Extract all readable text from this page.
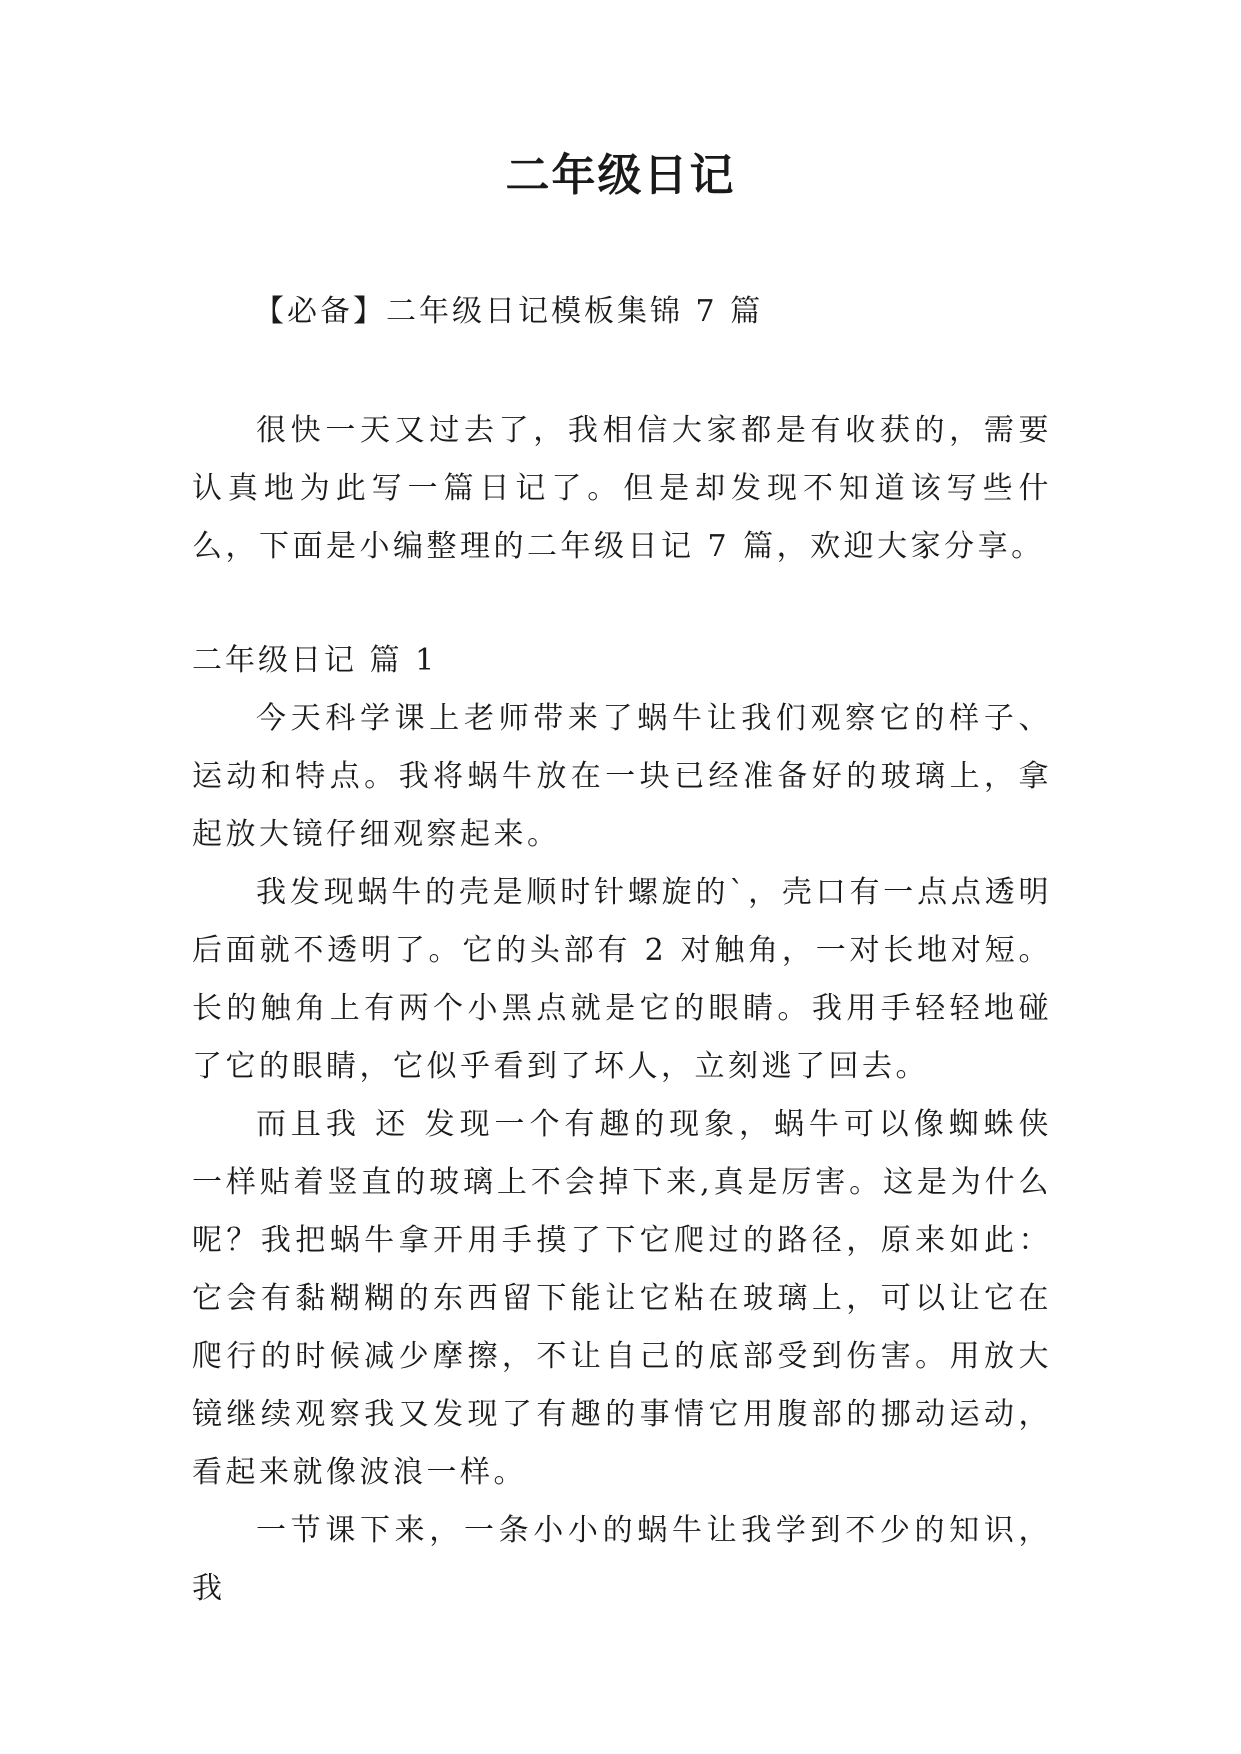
二年级日记

【必备】二年级日记模板集锦 7 篇

很快一天又过去了，我相信大家都是有收获的，需要认真地为此写一篇日记了。但是却发现不知道该写些什么，下面是小编整理的二年级日记 7 篇，欢迎大家分享。

二年级日记 篇 1

今天科学课上老师带来了蜗牛让我们观察它的样子、运动和特点。我将蜗牛放在一块已经准备好的玻璃上，拿起放大镜仔细观察起来。

我发现蜗牛的壳是顺时针螺旋的`，壳口有一点点透明后面就不透明了。它的头部有 2 对触角，一对长地对短。长的触角上有两个小黑点就是它的眼睛。我用手轻轻地碰了它的眼睛，它似乎看到了坏人，立刻逃了回去。

而且我 还 发现一个有趣的现象，蜗牛可以像蜘蛛侠一样贴着竖直的玻璃上不会掉下来,真是厉害。这是为什么呢？我把蜗牛拿开用手摸了下它爬过的路径，原来如此：它会有黏糊糊的东西留下能让它粘在玻璃上，可以让它在爬行的时候减少摩擦，不让自己的底部受到伤害。用放大镜继续观察我又发现了有趣的事情它用腹部的挪动运动，看起来就像波浪一样。

一节课下来，一条小小的蜗牛让我学到不少的知识，我
